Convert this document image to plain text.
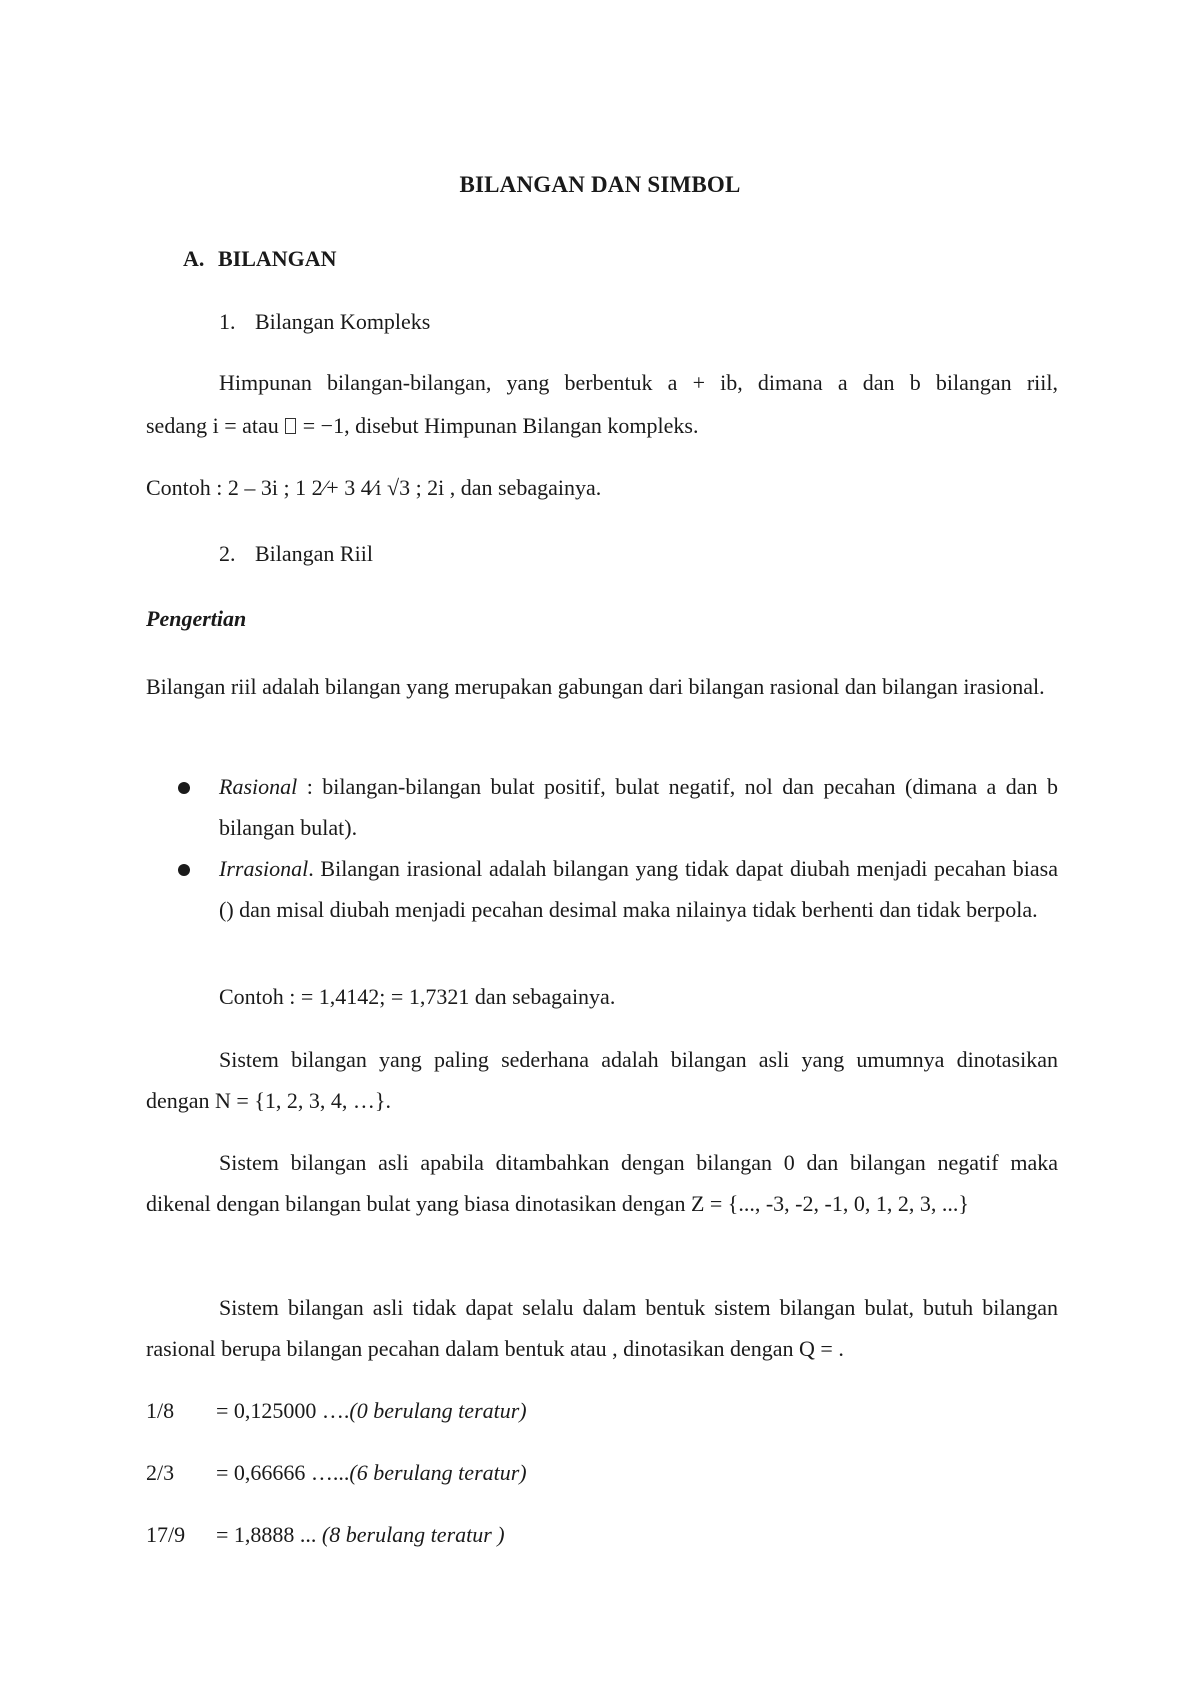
BILANGAN DAN SIMBOL
A. BILANGAN
1. Bilangan Kompleks
Himpunan bilangan-bilangan, yang berbentuk a + ib, dimana a dan b bilangan riil,
sedang i = atau  = −1, disebut Himpunan Bilangan kompleks.
Contoh : 2 – 3i ; 1 2∕+ 3 4∕i √3 ; 2i , dan sebagainya.
2. Bilangan Riil
Pengertian
Bilangan riil adalah bilangan yang merupakan gabungan dari bilangan rasional dan bilangan irasional.
Rasional : bilangan-bilangan bulat positif, bulat negatif, nol dan pecahan (dimana a dan b bilangan bulat).
Irrasional. Bilangan irasional adalah bilangan yang tidak dapat diubah menjadi pecahan biasa () dan misal diubah menjadi pecahan desimal maka nilainya tidak berhenti dan tidak berpola.
Contoh : = 1,4142; = 1,7321 dan sebagainya.
Sistem bilangan yang paling sederhana adalah bilangan asli yang umumnya dinotasikan dengan N = {1, 2, 3, 4, …}.
Sistem bilangan asli apabila ditambahkan dengan bilangan 0 dan bilangan negatif maka dikenal dengan bilangan bulat yang biasa dinotasikan dengan Z = {..., -3, -2, -1, 0, 1, 2, 3, ...}
Sistem bilangan asli tidak dapat selalu dalam bentuk sistem bilangan bulat, butuh bilangan rasional berupa bilangan pecahan dalam bentuk atau , dinotasikan dengan Q = .
1/8 = 0,125000 ….(0 berulang teratur)
2/3 = 0,66666 …...(6 berulang teratur)
17/9 = 1,8888 ... (8 berulang teratur )
